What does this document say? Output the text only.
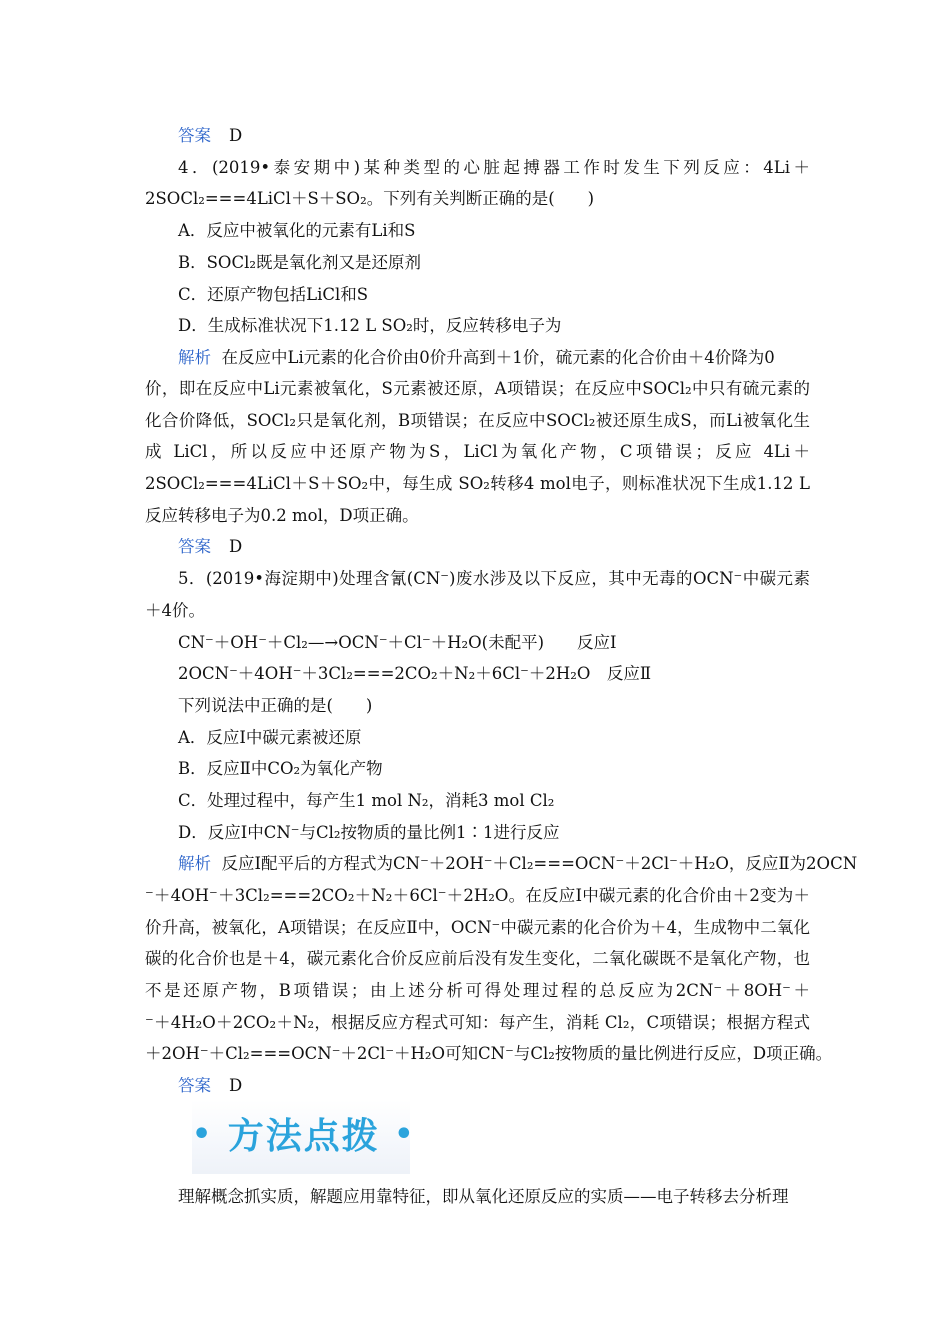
答案 D
4．(2019•泰安期中)某种类型的心脏起搏器工作时发生下列反应：4Li＋
2SOCl₂===4LiCl＋S＋SO₂。下列有关判断正确的是(　　)
A．反应中被氧化的元素有Li和S
B．SOCl₂既是氧化剂又是还原剂
C．还原产物包括LiCl和S
D．生成标准状况下1.12 L SO₂时，反应转移电子为
解析 在反应中Li元素的化合价由0价升高到＋1价，硫元素的化合价由＋4价降为0
价，即在反应中Li元素被氧化，S元素被还原，A项错误；在反应中SOCl₂中只有硫元素的
化合价降低，SOCl₂只是氧化剂，B项错误；在反应中SOCl₂被还原生成S，而Li被氧化生
成 LiCl，所以反应中还原产物为S，LiCl为氧化产物，C项错误；反应 4Li＋
2SOCl₂===4LiCl＋S＋SO₂中，每生成 SO₂转移4 mol电子，则标准状况下生成1.12 L
反应转移电子为0.2 mol，D项正确。
答案 D
5．(2019•海淀期中)处理含氰(CN⁻)废水涉及以下反应，其中无毒的OCN⁻中碳元素
＋4价。
CN⁻＋OH⁻＋Cl₂—→OCN⁻＋Cl⁻＋H₂O(未配平)　　反应Ⅰ
2OCN⁻＋4OH⁻＋3Cl₂===2CO₂＋N₂＋6Cl⁻＋2H₂O　反应Ⅱ
下列说法中正确的是(　　)
A．反应Ⅰ中碳元素被还原
B．反应Ⅱ中CO₂为氧化产物
C．处理过程中，每产生1 mol N₂，消耗3 mol Cl₂
D．反应Ⅰ中CN⁻与Cl₂按物质的量比例1∶1进行反应
解析 反应Ⅰ配平后的方程式为CN⁻＋2OH⁻＋Cl₂===OCN⁻＋2Cl⁻＋H₂O，反应Ⅱ为2OCN
⁻＋4OH⁻＋3Cl₂===2CO₂＋N₂＋6Cl⁻＋2H₂O。在反应Ⅰ中碳元素的化合价由＋2变为＋
价升高，被氧化，A项错误；在反应Ⅱ中，OCN⁻中碳元素的化合价为＋4，生成物中二氧化
碳的化合价也是＋4，碳元素化合价反应前后没有发生变化，二氧化碳既不是氧化产物，也
不是还原产物，B项错误；由上述分析可得处理过程的总反应为2CN⁻＋8OH⁻＋
⁻＋4H₂O＋2CO₂＋N₂，根据反应方程式可知：每产生，消耗 Cl₂，C项错误；根据方程式
＋2OH⁻＋Cl₂===OCN⁻＋2Cl⁻＋H₂O可知CN⁻与Cl₂按物质的量比例进行反应，D项正确。
答案 D
• 方法点拨 •
理解概念抓实质，解题应用靠特征，即从氧化还原反应的实质——电子转移去分析理
